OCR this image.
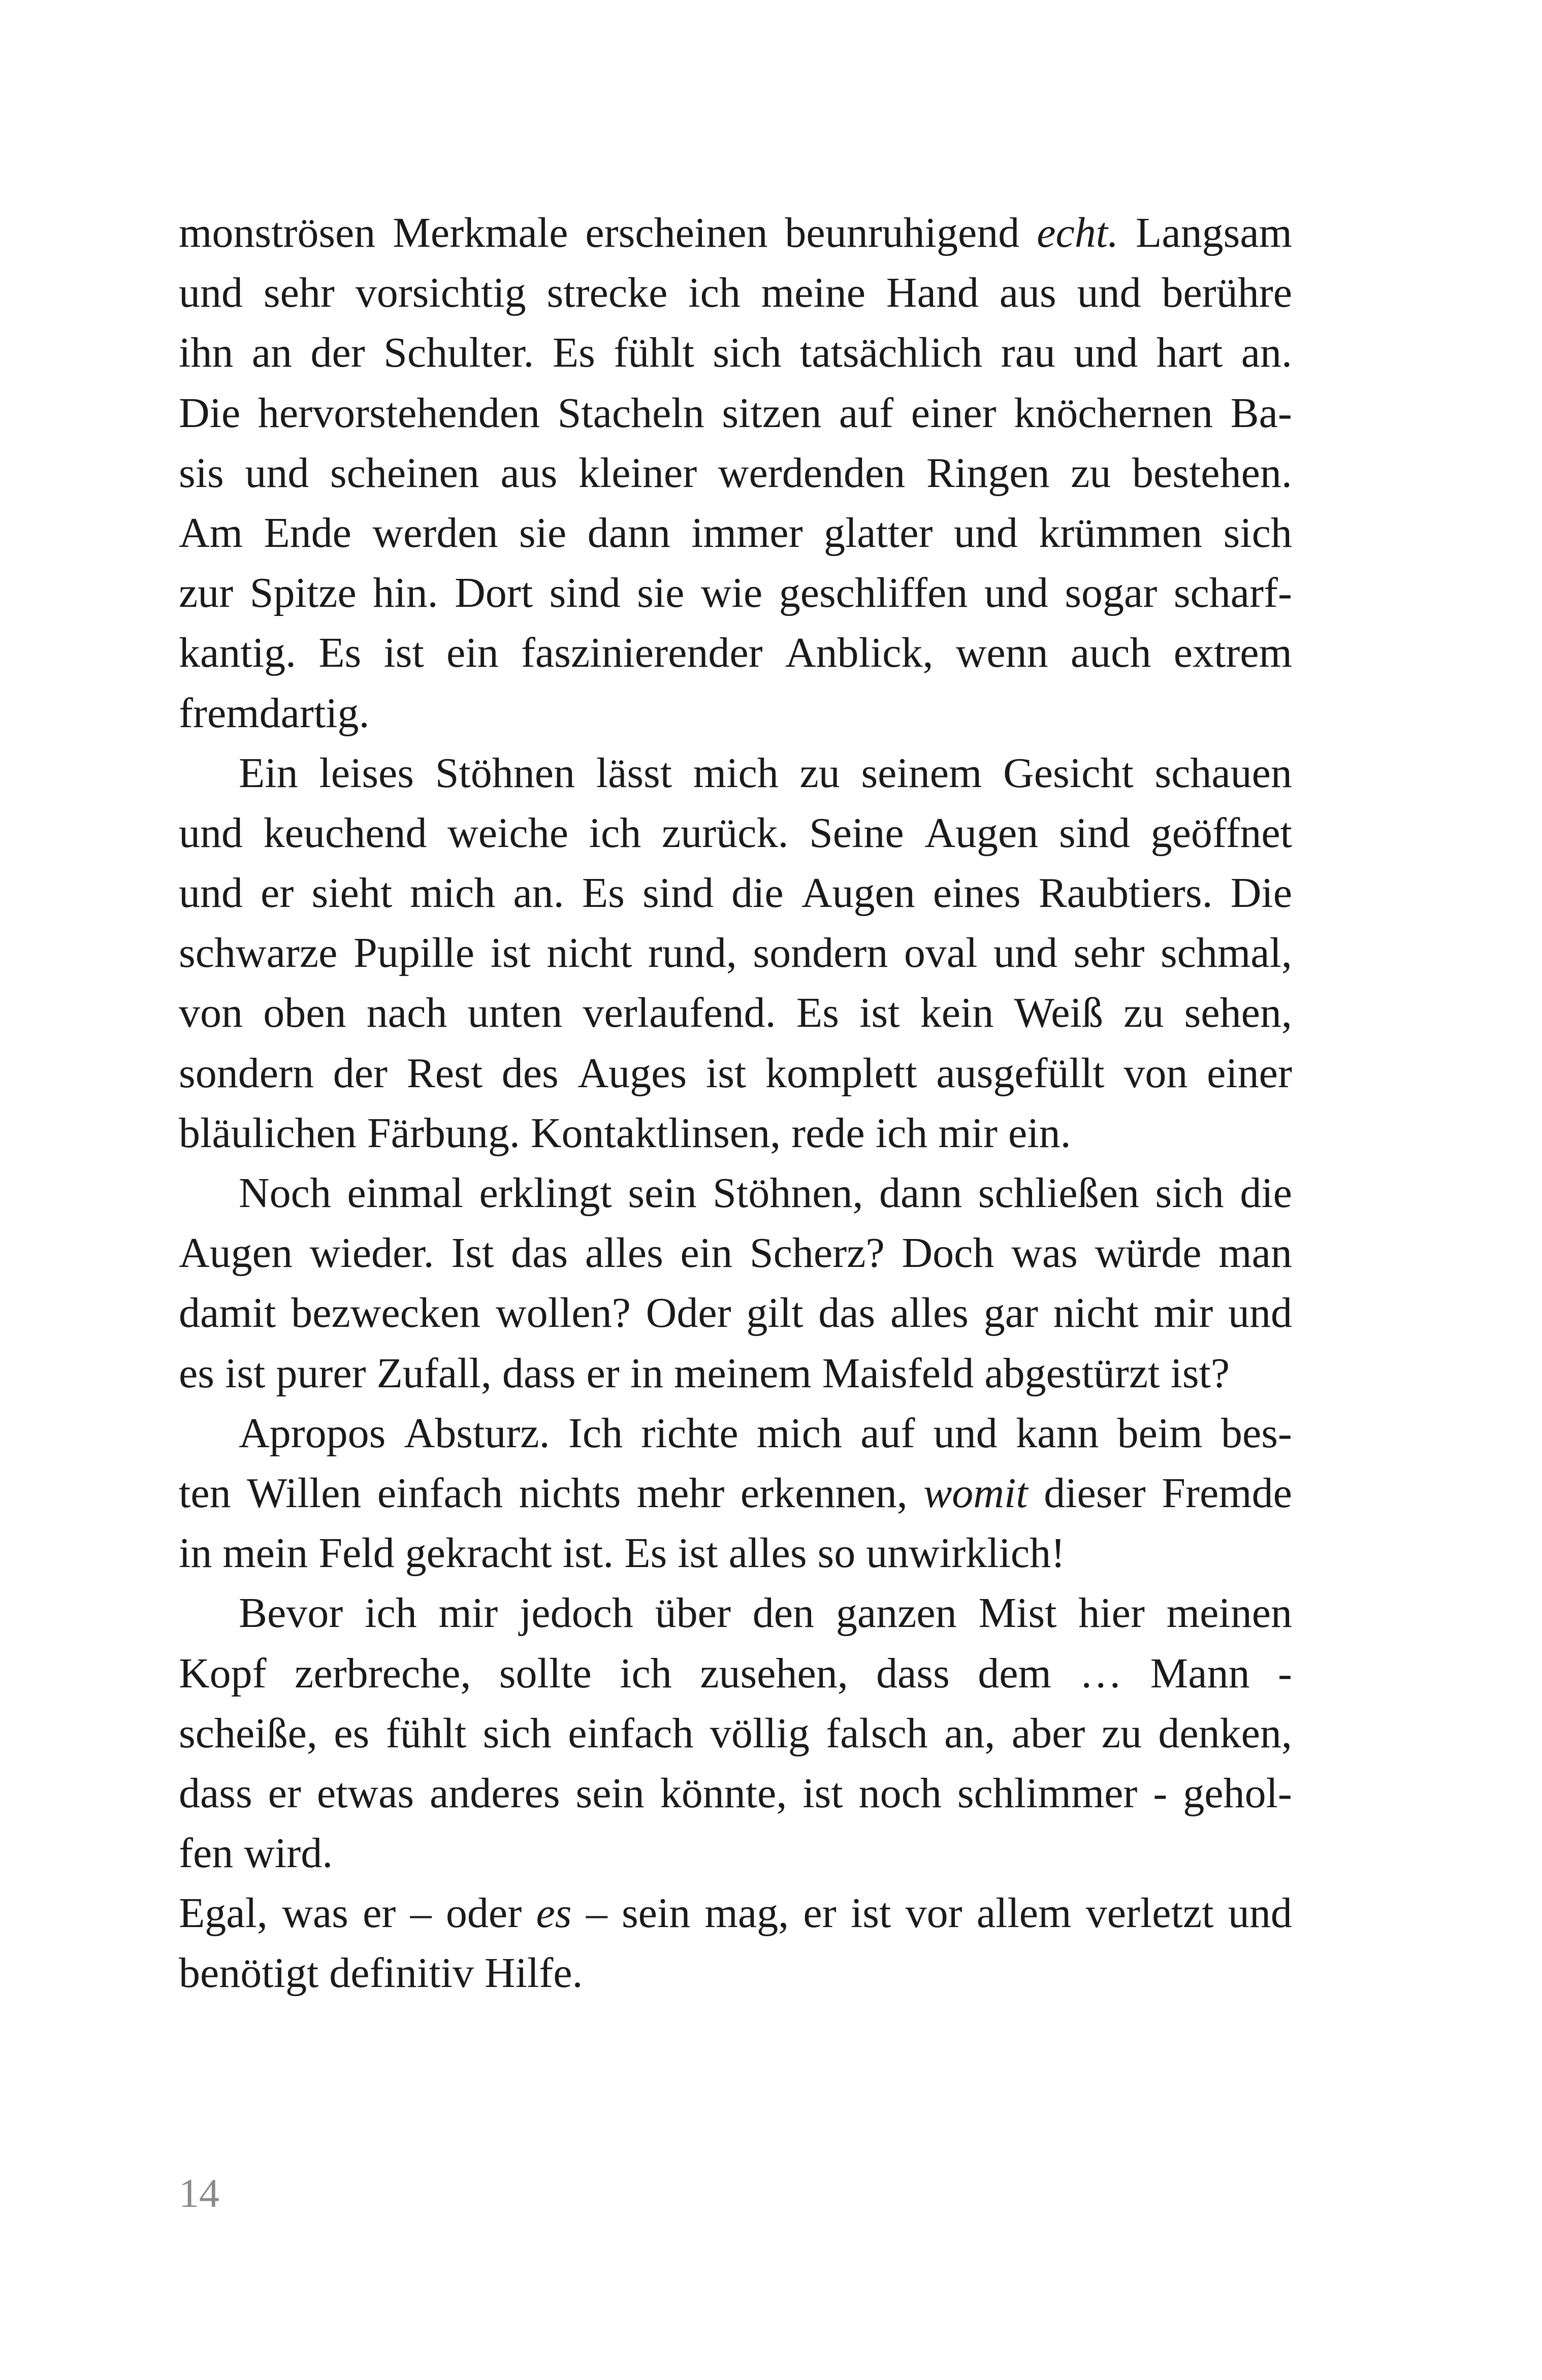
monströsen Merkmale erscheinen beunruhigend echt. Langsam
und sehr vorsichtig strecke ich meine Hand aus und berühre
ihn an der Schulter. Es fühlt sich tatsächlich rau und hart an.
Die hervorstehenden Stacheln sitzen auf einer knöchernen Ba-
sis und scheinen aus kleiner werdenden Ringen zu bestehen.
Am Ende werden sie dann immer glatter und krümmen sich
zur Spitze hin. Dort sind sie wie geschliffen und sogar scharf-
kantig. Es ist ein faszinierender Anblick, wenn auch extrem
fremdartig.
Ein leises Stöhnen lässt mich zu seinem Gesicht schauen
und keuchend weiche ich zurück. Seine Augen sind geöffnet
und er sieht mich an. Es sind die Augen eines Raubtiers. Die
schwarze Pupille ist nicht rund, sondern oval und sehr schmal,
von oben nach unten verlaufend. Es ist kein Weiß zu sehen,
sondern der Rest des Auges ist komplett ausgefüllt von einer
bläulichen Färbung. Kontaktlinsen, rede ich mir ein.
Noch einmal erklingt sein Stöhnen, dann schließen sich die
Augen wieder. Ist das alles ein Scherz? Doch was würde man
damit bezwecken wollen? Oder gilt das alles gar nicht mir und
es ist purer Zufall, dass er in meinem Maisfeld abgestürzt ist?
Apropos Absturz. Ich richte mich auf und kann beim bes-
ten Willen einfach nichts mehr erkennen, womit dieser Fremde
in mein Feld gekracht ist. Es ist alles so unwirklich!
Bevor ich mir jedoch über den ganzen Mist hier meinen
Kopf zerbreche, sollte ich zusehen, dass dem … Mann -
scheiße, es fühlt sich einfach völlig falsch an, aber zu denken,
dass er etwas anderes sein könnte, ist noch schlimmer - gehol-
fen wird.
Egal, was er – oder es – sein mag, er ist vor allem verletzt und
benötigt definitiv Hilfe.
14
